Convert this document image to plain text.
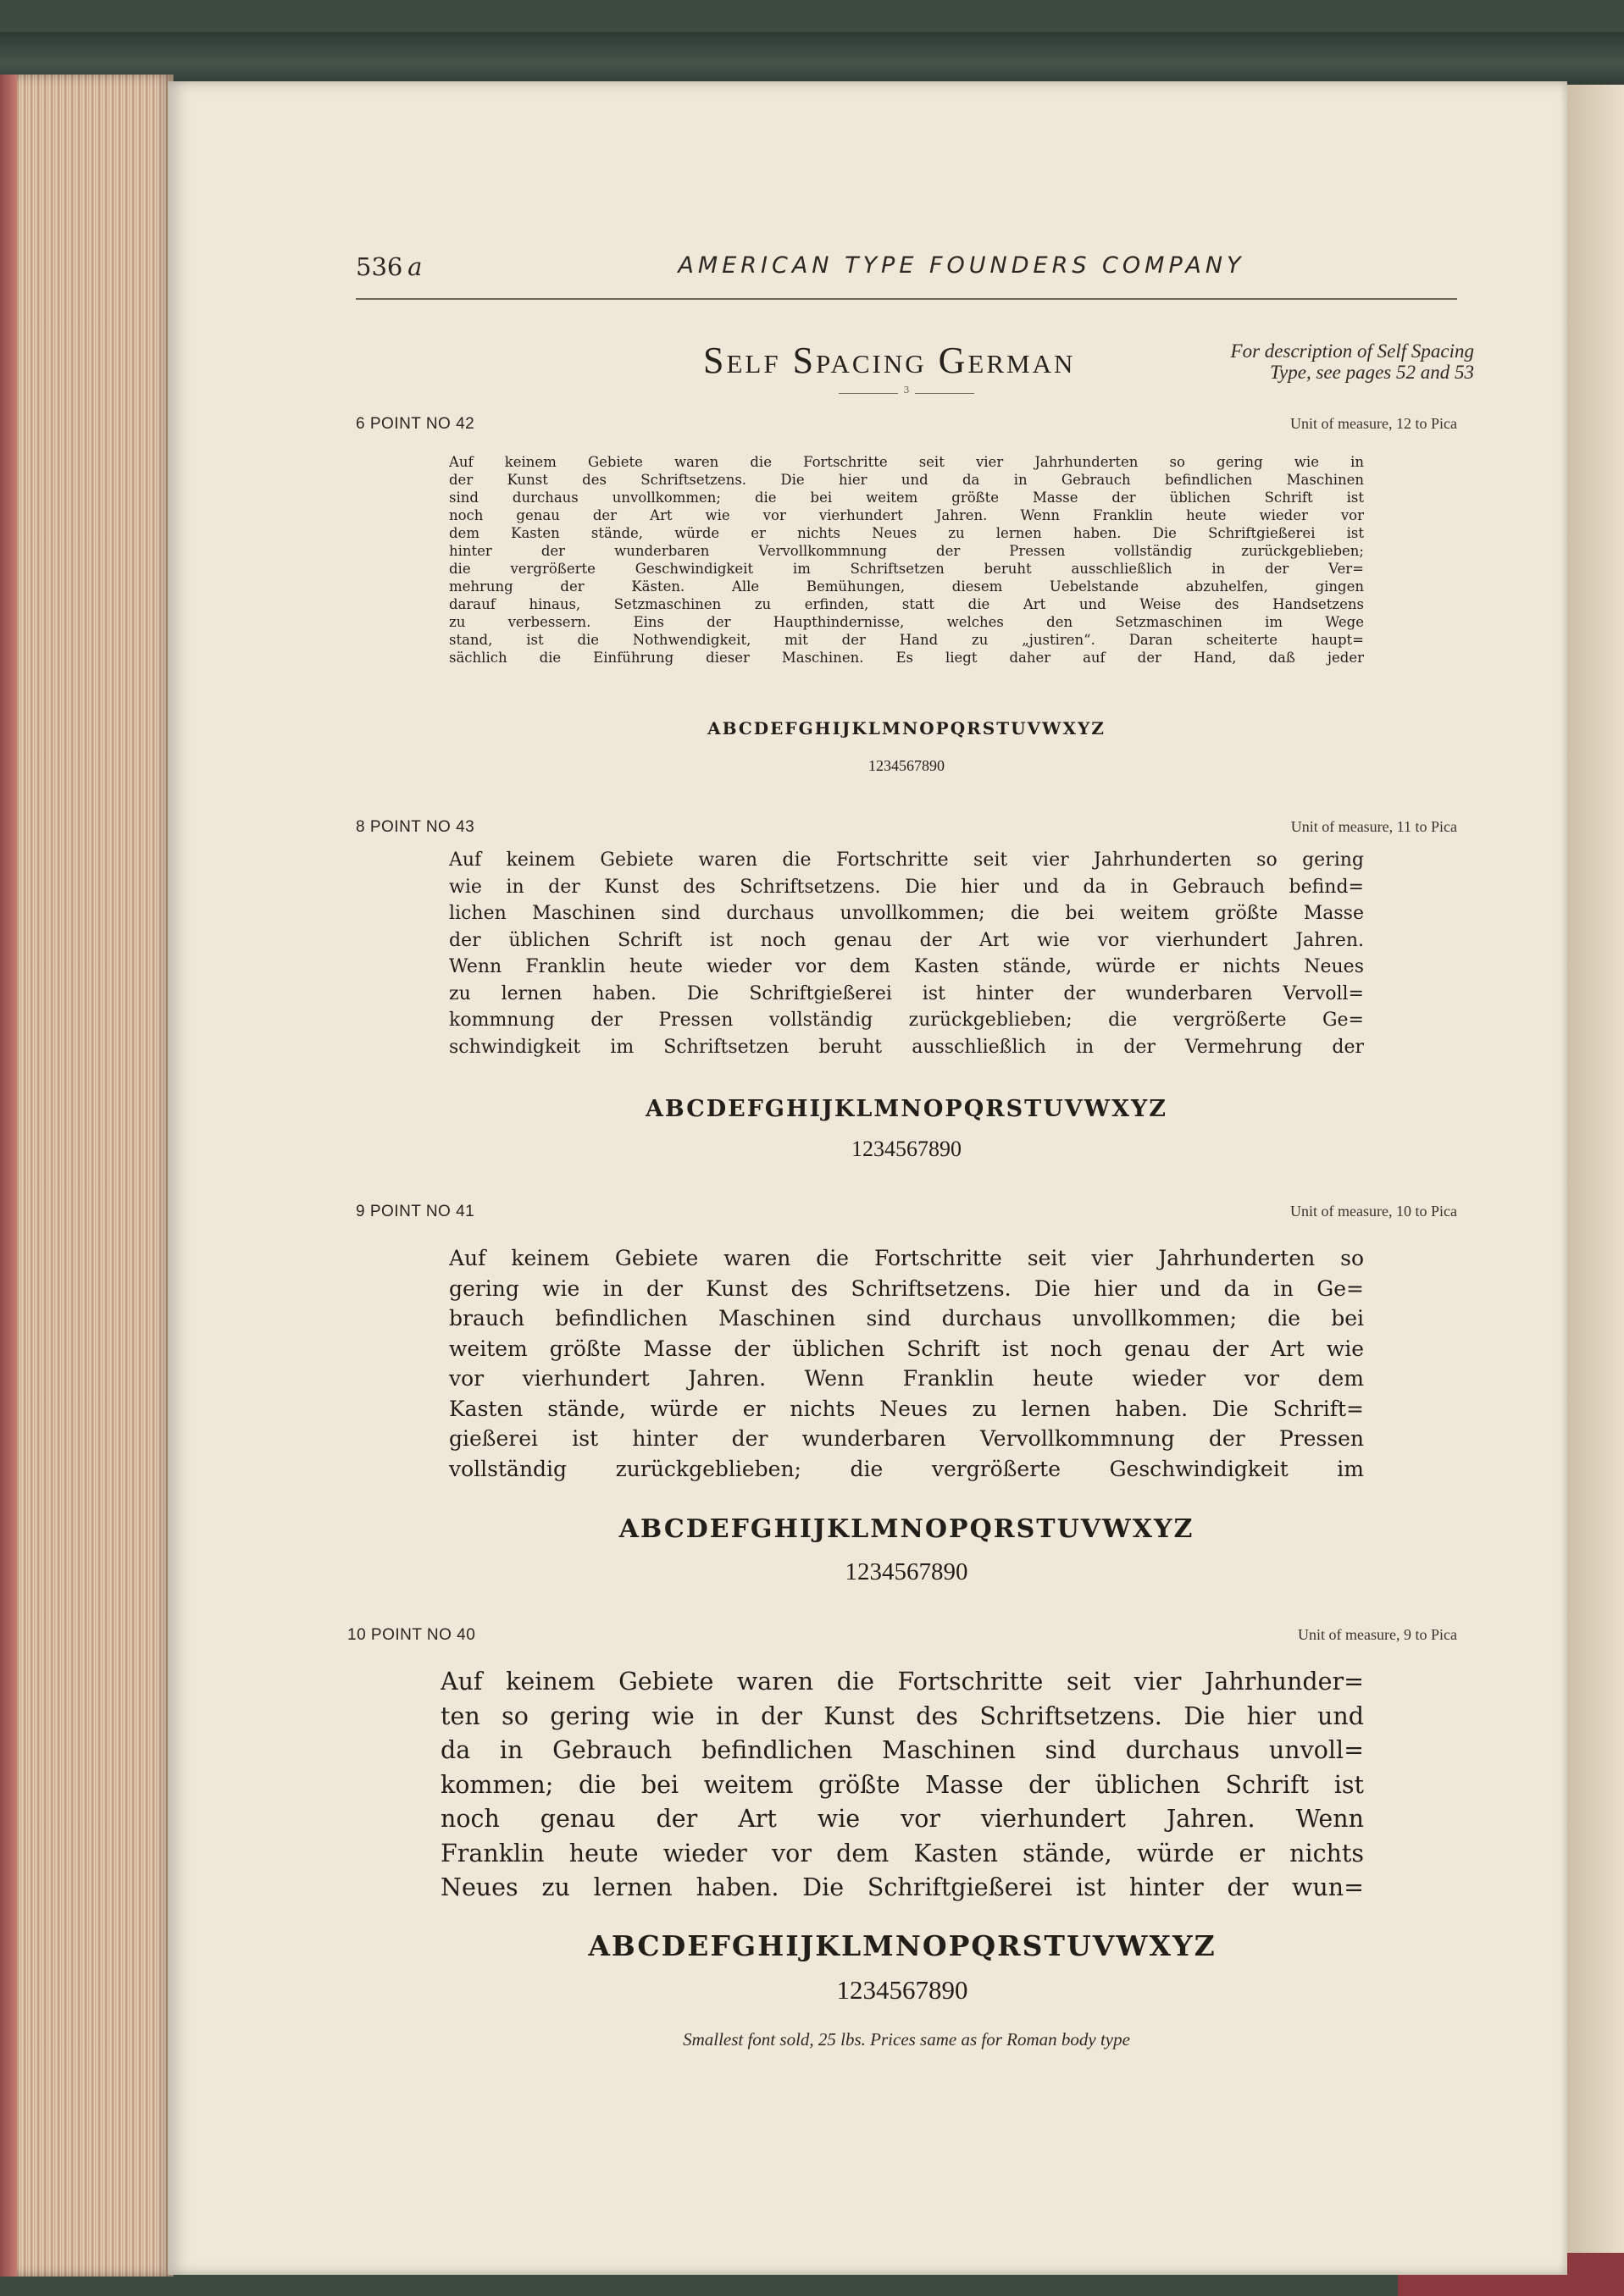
536  a	AMERICAN TYPE FOUNDERS COMPANY
Self Spacing German	For description of Self Spacing
Type, see pages 52 and 53
3
6 POINT NO 42	Unit of measure, 12 to Pica
Auf keinem Gebiete waren die Fortschritte seit vier Jahrhunderten so gering wie in
der Kunst des Schriftsetzens. Die hier und da in Gebrauch befindlichen Maschinen
sind durchaus unvollkommen; die bei weitem größte Masse der üblichen Schrift ist
noch genau der Art wie vor vierhundert Jahren. Wenn Franklin heute wieder vor
dem Kasten stände, würde er nichts Neues zu lernen haben. Die Schriftgießerei ist
hinter der wunderbaren Vervollkommnung der Pressen vollständig zurückgeblieben;
die vergrößerte Geschwindigkeit im Schriftsetzen beruht ausschließlich in der Ver=
mehrung der Kästen. Alle Bemühungen, diesem Uebelstande abzuhelfen, gingen
darauf hinaus, Setzmaschinen zu erfinden, statt die Art und Weise des Handsetzens
zu verbessern. Eins der Haupthindernisse, welches den Setzmaschinen im Wege
stand, ist die Nothwendigkeit, mit der Hand zu „justiren“. Daran scheiterte haupt=
sächlich die Einführung dieser Maschinen. Es liegt daher auf der Hand, daß jeder
ABCDEFGHIJKLMNOPQRSTUVWXYZ
1234567890
8 POINT NO 43	Unit of measure, 11 to Pica
Auf keinem Gebiete waren die Fortschritte seit vier Jahrhunderten so gering
wie in der Kunst des Schriftsetzens. Die hier und da in Gebrauch befind=
lichen Maschinen sind durchaus unvollkommen; die bei weitem größte Masse
der üblichen Schrift ist noch genau der Art wie vor vierhundert Jahren.
Wenn Franklin heute wieder vor dem Kasten stände, würde er nichts Neues
zu lernen haben. Die Schriftgießerei ist hinter der wunderbaren Vervoll=
kommnung der Pressen vollständig zurückgeblieben; die vergrößerte Ge=
schwindigkeit im Schriftsetzen beruht ausschließlich in der Vermehrung der
ABCDEFGHIJKLMNOPQRSTUVWXYZ
1234567890
9 POINT NO 41	Unit of measure, 10 to Pica
Auf keinem Gebiete waren die Fortschritte seit vier Jahrhunderten so
gering wie in der Kunst des Schriftsetzens. Die hier und da in Ge=
brauch befindlichen Maschinen sind durchaus unvollkommen; die bei
weitem größte Masse der üblichen Schrift ist noch genau der Art wie
vor vierhundert Jahren. Wenn Franklin heute wieder vor dem
Kasten stände, würde er nichts Neues zu lernen haben. Die Schrift=
gießerei ist hinter der wunderbaren Vervollkommnung der Pressen
vollständig zurückgeblieben; die vergrößerte Geschwindigkeit im
ABCDEFGHIJKLMNOPQRSTUVWXYZ
1234567890
10 POINT NO 40	Unit of measure, 9 to Pica
Auf keinem Gebiete waren die Fortschritte seit vier Jahrhunder=
ten so gering wie in der Kunst des Schriftsetzens. Die hier und
da in Gebrauch befindlichen Maschinen sind durchaus unvoll=
kommen; die bei weitem größte Masse der üblichen Schrift ist
noch genau der Art wie vor vierhundert Jahren. Wenn
Franklin heute wieder vor dem Kasten stände, würde er nichts
Neues zu lernen haben. Die Schriftgießerei ist hinter der wun=
ABCDEFGHIJKLMNOPQRSTUVWXYZ
1234567890
Smallest font sold, 25 lbs. Prices same as for Roman body type
